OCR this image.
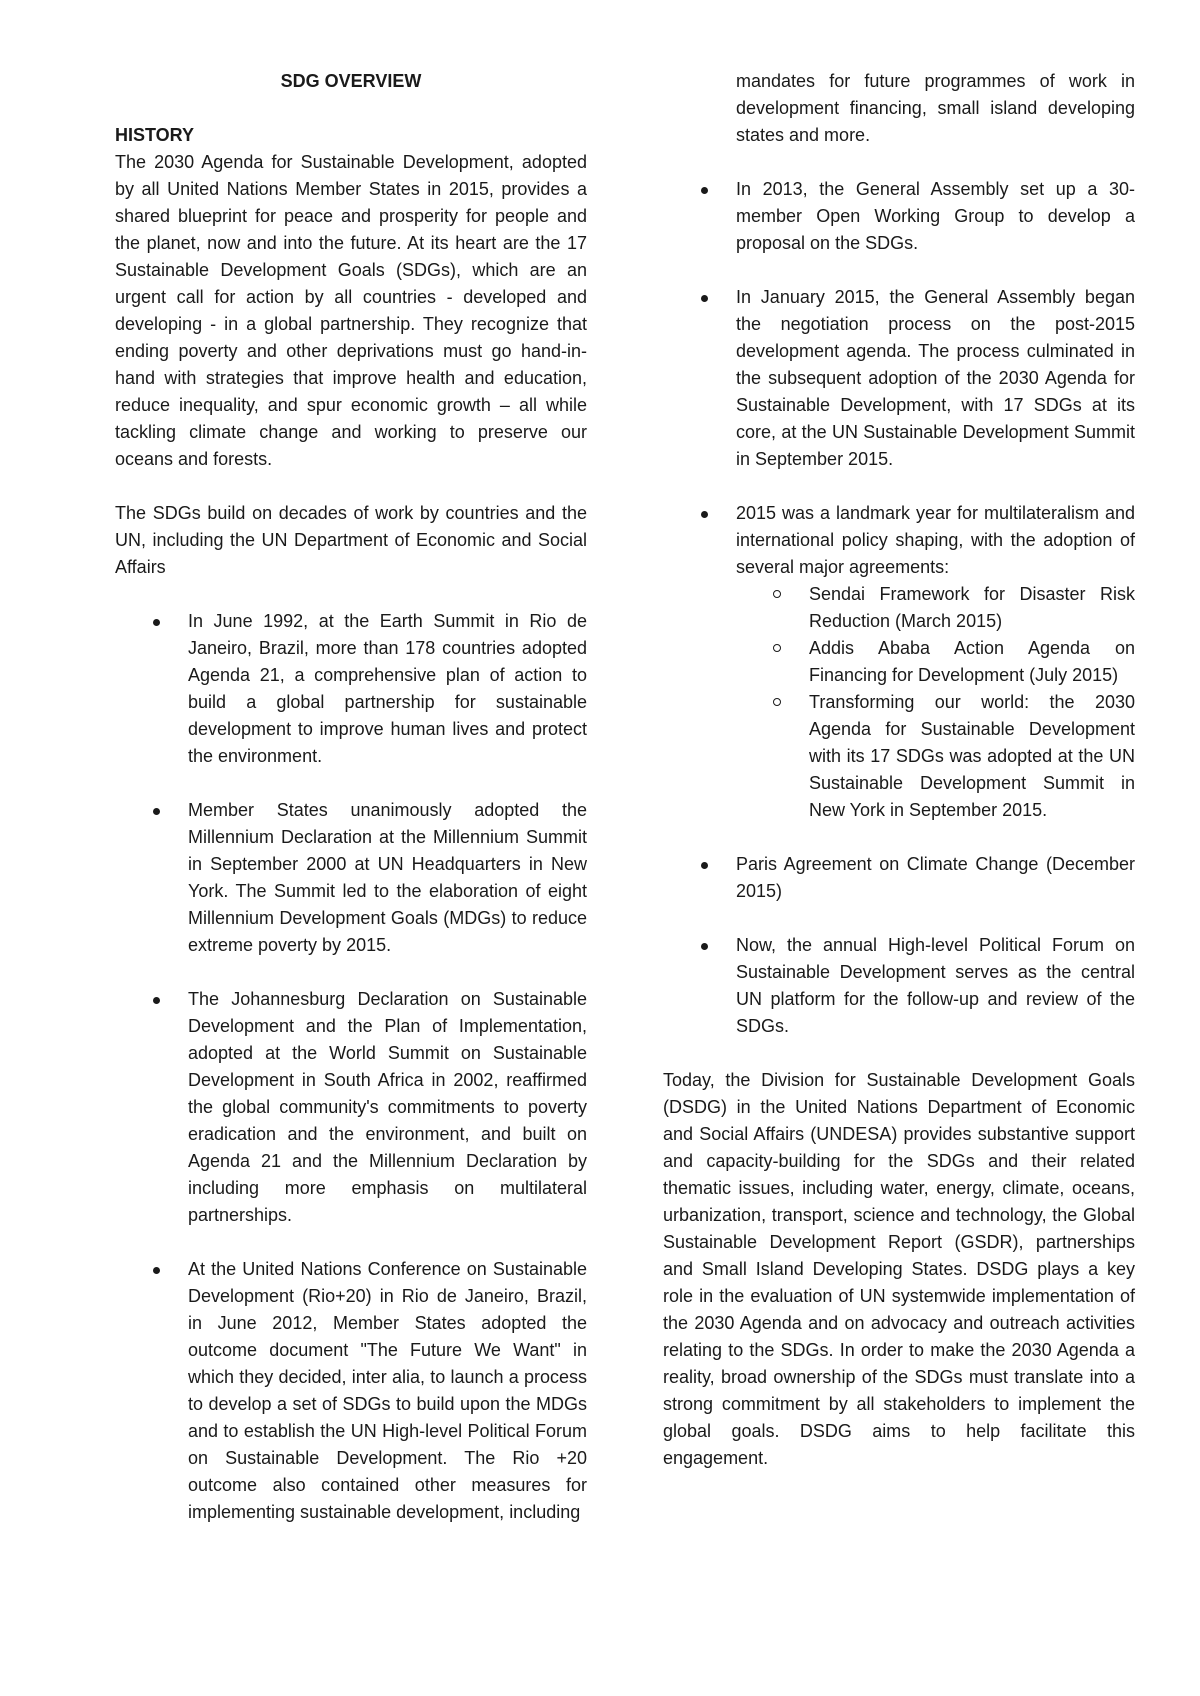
SDG OVERVIEW

HISTORY

The 2030 Agenda for Sustainable Development, adopted by all United Nations Member States in 2015, provides a shared blueprint for peace and prosperity for people and the planet, now and into the future. At its heart are the 17 Sustainable Development Goals (SDGs), which are an urgent call for action by all countries - developed and developing - in a global partnership. They recognize that ending poverty and other deprivations must go hand-in-hand with strategies that improve health and education, reduce inequality, and spur economic growth – all while tackling climate change and working to preserve our oceans and forests.

The SDGs build on decades of work by countries and the UN, including the UN Department of Economic and Social Affairs

In June 1992, at the Earth Summit in Rio de Janeiro, Brazil, more than 178 countries adopted Agenda 21, a comprehensive plan of action to build a global partnership for sustainable development to improve human lives and protect the environment.
Member States unanimously adopted the Millennium Declaration at the Millennium Summit in September 2000 at UN Headquarters in New York. The Summit led to the elaboration of eight Millennium Development Goals (MDGs) to reduce extreme poverty by 2015.
The Johannesburg Declaration on Sustainable Development and the Plan of Implementation, adopted at the World Summit on Sustainable Development in South Africa in 2002, reaffirmed the global community's commitments to poverty eradication and the environment, and built on Agenda 21 and the Millennium Declaration by including more emphasis on multilateral partnerships.
At the United Nations Conference on Sustainable Development (Rio+20) in Rio de Janeiro, Brazil, in June 2012, Member States adopted the outcome document "The Future We Want" in which they decided, inter alia, to launch a process to develop a set of SDGs to build upon the MDGs and to establish the UN High-level Political Forum on Sustainable Development. The Rio +20 outcome also contained other measures for implementing sustainable development, including

mandates for future programmes of work in development financing, small island developing states and more.

In 2013, the General Assembly set up a 30-member Open Working Group to develop a proposal on the SDGs.
In January 2015, the General Assembly began the negotiation process on the post-2015 development agenda. The process culminated in the subsequent adoption of the 2030 Agenda for Sustainable Development, with 17 SDGs at its core, at the UN Sustainable Development Summit in September 2015.
2015 was a landmark year for multilateralism and international policy shaping, with the adoption of several major agreements:
Sendai Framework for Disaster Risk Reduction (March 2015)
Addis Ababa Action Agenda on Financing for Development (July 2015)
Transforming our world: the 2030 Agenda for Sustainable Development with its 17 SDGs was adopted at the UN Sustainable Development Summit in New York in September 2015.
Paris Agreement on Climate Change (December 2015)
Now, the annual High-level Political Forum on Sustainable Development serves as the central UN platform for the follow-up and review of the SDGs.

Today, the Division for Sustainable Development Goals (DSDG) in the United Nations Department of Economic and Social Affairs (UNDESA) provides substantive support and capacity-building for the SDGs and their related thematic issues, including water, energy, climate, oceans, urbanization, transport, science and technology, the Global Sustainable Development Report (GSDR), partnerships and Small Island Developing States. DSDG plays a key role in the evaluation of UN systemwide implementation of the 2030 Agenda and on advocacy and outreach activities relating to the SDGs. In order to make the 2030 Agenda a reality, broad ownership of the SDGs must translate into a strong commitment by all stakeholders to implement the global goals. DSDG aims to help facilitate this engagement.
